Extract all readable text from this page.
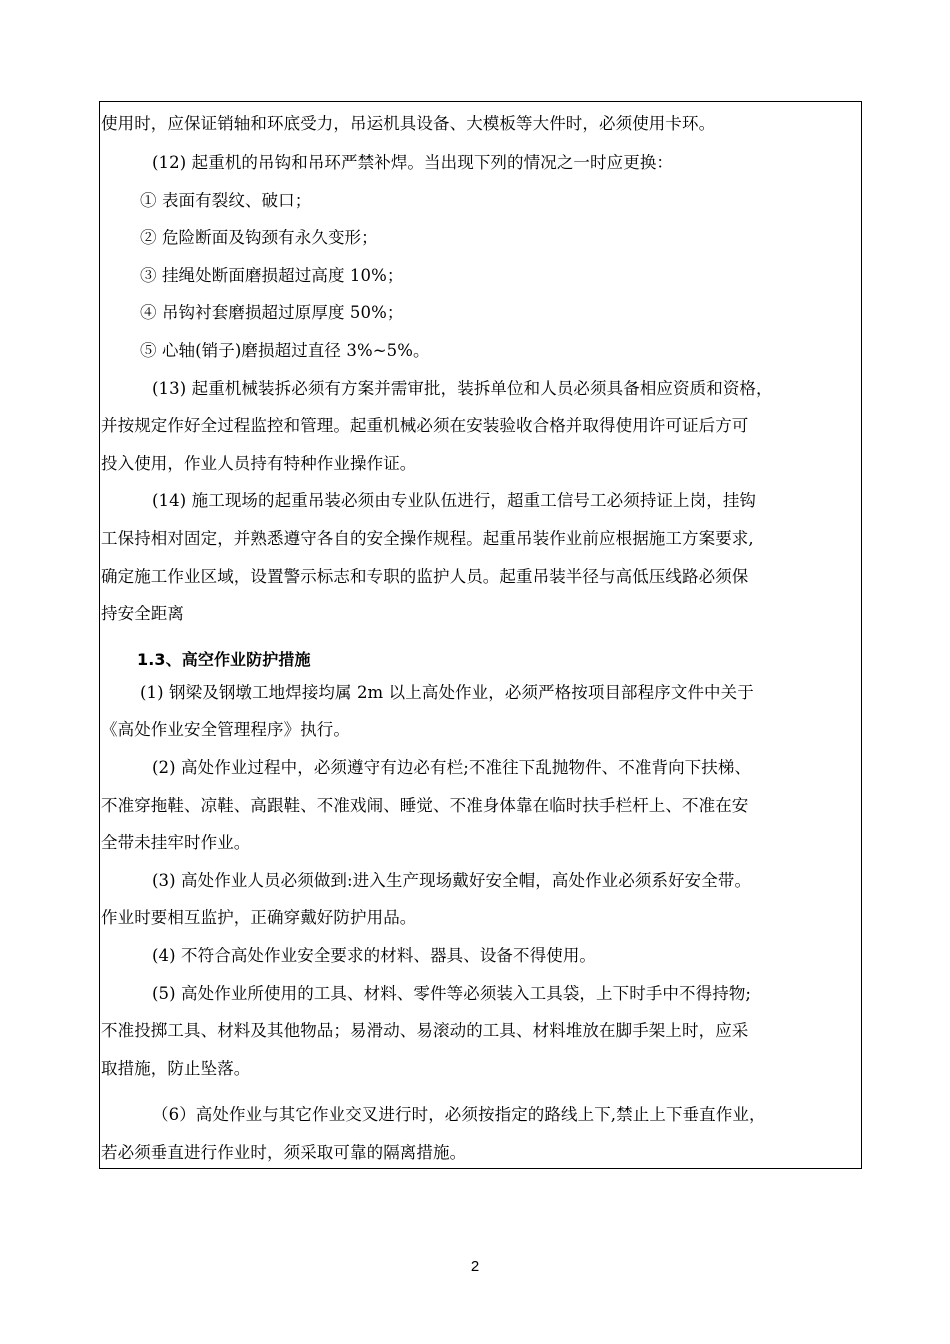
使用时，应保证销轴和环底受力，吊运机具设备、大模板等大件时，必须使用卡环。
(12) 起重机的吊钩和吊环严禁补焊。当出现下列的情况之一时应更换：
① 表面有裂纹、破口；
② 危险断面及钩颈有永久变形；
③ 挂绳处断面磨损超过高度 10%；
④ 吊钩衬套磨损超过原厚度 50%；
⑤ 心轴(销子)磨损超过直径 3%~5%。
(13) 起重机械装拆必须有方案并需审批，装拆单位和人员必须具备相应资质和资格，
并按规定作好全过程监控和管理。起重机械必须在安装验收合格并取得使用许可证后方可
投入使用，作业人员持有特种作业操作证。
(14) 施工现场的起重吊装必须由专业队伍进行，超重工信号工必须持证上岗，挂钩
工保持相对固定，并熟悉遵守各自的安全操作规程。起重吊装作业前应根据施工方案要求,
确定施工作业区域，设置警示标志和专职的监护人员。起重吊装半径与高低压线路必须保
持安全距离
1.3、高空作业防护措施
(1) 钢梁及钢墩工地焊接均属 2m 以上高处作业，必须严格按项目部程序文件中关于
《高处作业安全管理程序》执行。
(2) 高处作业过程中，必须遵守有边必有栏;不准往下乱抛物件、不准背向下扶梯、
不准穿拖鞋、凉鞋、高跟鞋、不准戏闹、睡觉、不准身体靠在临时扶手栏杆上、不准在安
全带未挂牢时作业。
(3) 高处作业人员必须做到:进入生产现场戴好安全帽，高处作业必须系好安全带。
作业时要相互监护，正确穿戴好防护用品。
(4) 不符合高处作业安全要求的材料、器具、设备不得使用。
(5) 高处作业所使用的工具、材料、零件等必须装入工具袋，上下时手中不得持物;
不准投掷工具、材料及其他物品；易滑动、易滚动的工具、材料堆放在脚手架上时，应采
取措施，防止坠落。
（6）高处作业与其它作业交叉进行时，必须按指定的路线上下,禁止上下垂直作业，
若必须垂直进行作业时，须采取可靠的隔离措施。
2
